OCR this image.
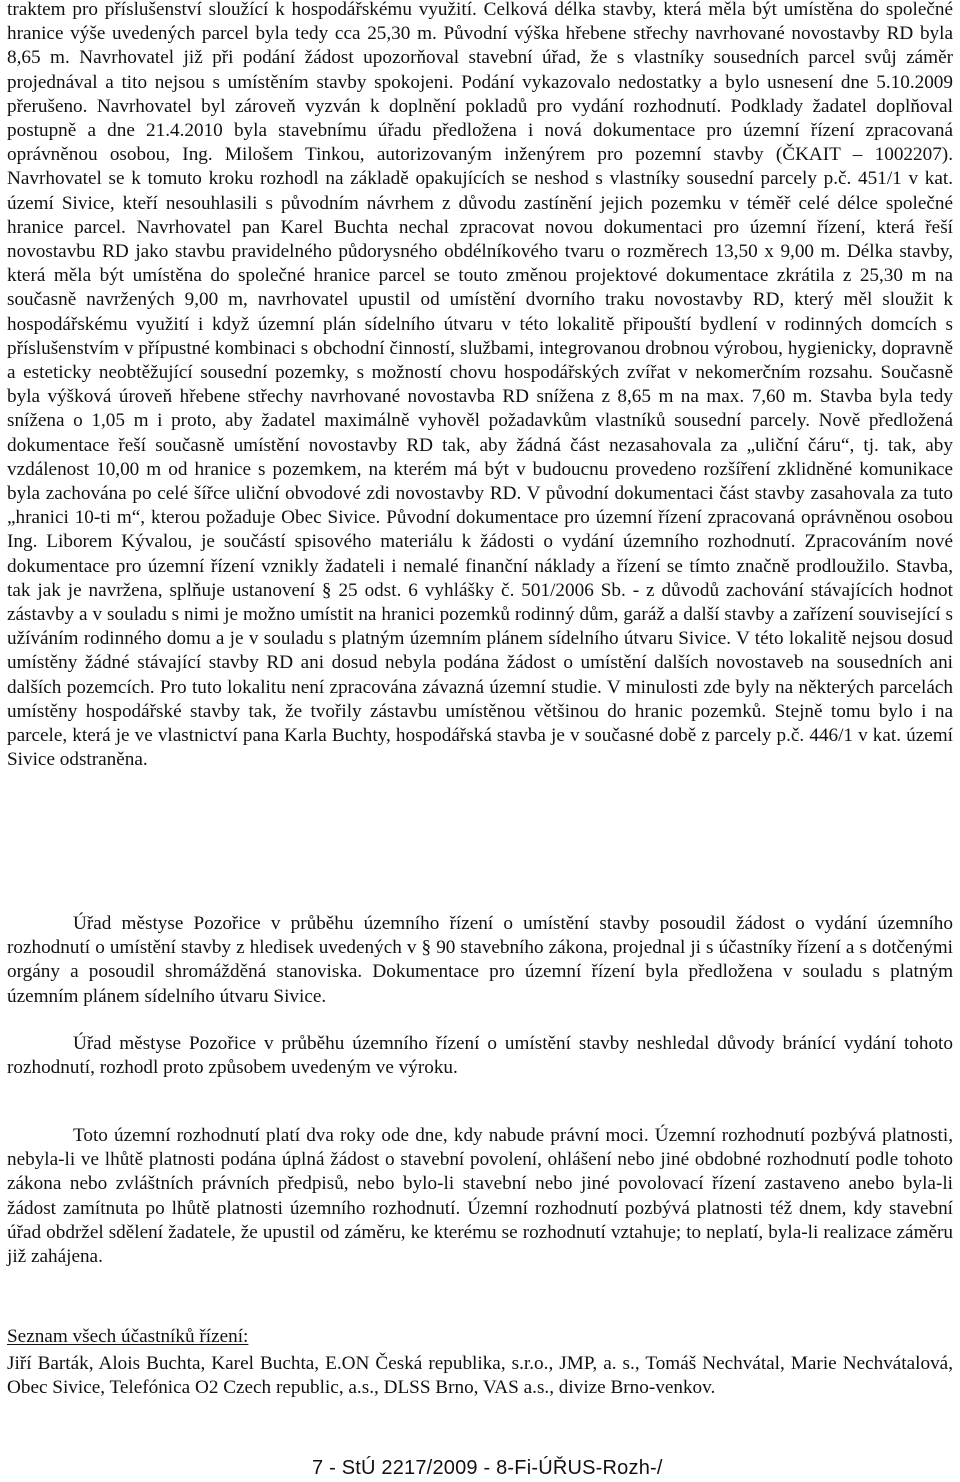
traktem pro příslušenství sloužící k hospodářskému využití. Celková délka stavby, která měla být umístěna do společné hranice výše uvedených parcel byla tedy cca 25,30 m. Původní výška hřebene střechy navrhované novostavby RD byla 8,65 m. Navrhovatel již při podání žádost upozorňoval stavební úřad, že s vlastníky sousedních parcel svůj záměr projednával a tito nejsou s umístěním stavby spokojeni. Podání vykazovalo nedostatky a bylo usnesení dne 5.10.2009 přerušeno. Navrhovatel byl zároveň vyzván k doplnění pokladů pro vydání rozhodnutí. Podklady žadatel doplňoval postupně a dne 21.4.2010 byla stavebnímu úřadu předložena i nová dokumentace pro územní řízení zpracovaná oprávněnou osobou, Ing. Milošem Tinkou, autorizovaným inženýrem pro pozemní stavby (ČKAIT – 1002207). Navrhovatel se k tomuto kroku rozhodl na základě opakujících se neshod s vlastníky sousední parcely p.č. 451/1 v kat. území Sivice, kteří nesouhlasili s původním návrhem z důvodu zastínění jejich pozemku v téměř celé délce společné hranice parcel. Navrhovatel pan Karel Buchta nechal zpracovat novou dokumentaci pro územní řízení, která řeší novostavbu RD jako stavbu pravidelného půdorysného obdélníkového tvaru o rozměrech 13,50 x 9,00 m. Délka stavby, která měla být umístěna do společné hranice parcel se touto změnou projektové dokumentace zkrátila z 25,30 m na současně navržených 9,00 m, navrhovatel upustil od umístění dvorního traku novostavby RD, který měl sloužit k hospodářskému využití i když územní plán sídelního útvaru v této lokalitě připouští bydlení v rodinných domcích s příslušenstvím v přípustné kombinaci s obchodní činností, službami, integrovanou drobnou výrobou, hygienicky, dopravně a esteticky neobtěžující sousední pozemky, s možností chovu hospodářských zvířat v nekomerčním rozsahu. Současně byla výšková úroveň hřebene střechy navrhované novostavba RD snížena z 8,65 m na max. 7,60 m. Stavba byla tedy snížena o 1,05 m i proto, aby žadatel maximálně vyhověl požadavkům vlastníků sousední parcely. Nově předložená dokumentace řeší současně umístění novostavby RD tak, aby žádná část nezasahovala za „uliční čáru“, tj. tak, aby vzdálenost 10,00 m od hranice s pozemkem, na kterém má být v budoucnu provedeno rozšíření zklidněné komunikace byla zachována po celé šířce uliční obvodové zdi novostavby RD. V původní dokumentaci část stavby zasahovala za tuto „hranici 10-ti m“, kterou požaduje Obec Sivice. Původní dokumentace pro územní řízení zpracovaná oprávněnou osobou Ing. Liborem Kývalou, je součástí spisového materiálu k žádosti o vydání územního rozhodnutí. Zpracováním nové dokumentace pro územní řízení vznikly žadateli i nemalé finanční náklady a řízení se tímto značně prodloužilo. Stavba, tak jak je navržena, splňuje ustanovení § 25 odst. 6 vyhlášky č. 501/2006 Sb. - z důvodů zachování stávajících hodnot zástavby a v souladu s nimi je možno umístit na hranici pozemků rodinný dům, garáž a další stavby a zařízení související s užíváním rodinného domu a je v souladu s platným územním plánem sídelního útvaru Sivice. V této lokalitě nejsou dosud umístěny žádné stávající stavby RD ani dosud nebyla podána žádost o umístění dalších novostaveb na sousedních ani dalších pozemcích. Pro tuto lokalitu není zpracována závazná územní studie. V minulosti zde byly na některých parcelách umístěny hospodářské stavby tak, že tvořily zástavbu umístěnou většinou do hranic pozemků. Stejně tomu bylo i na parcele, která je ve vlastnictví pana Karla Buchty, hospodářská stavba je v současné době z parcely p.č. 446/1 v kat. území Sivice odstraněna.

Úřad městyse Pozořice v průběhu územního řízení o umístění stavby posoudil žádost o vydání územního rozhodnutí o umístění stavby z hledisek uvedených v § 90 stavebního zákona, projednal ji s účastníky řízení a s dotčenými orgány a posoudil shromážděná stanoviska. Dokumentace pro územní řízení byla předložena v souladu s platným územním plánem sídelního útvaru Sivice.

Úřad městyse Pozořice v průběhu územního řízení o umístění stavby neshledal důvody bránící vydání tohoto rozhodnutí, rozhodl proto způsobem uvedeným ve výroku.

Toto územní rozhodnutí platí dva roky ode dne, kdy nabude právní moci. Územní rozhodnutí pozbývá platnosti, nebyla-li ve lhůtě platnosti podána úplná žádost o stavební povolení, ohlášení nebo jiné obdobné rozhodnutí podle tohoto zákona nebo zvláštních právních předpisů, nebo bylo-li stavební nebo jiné povolovací řízení zastaveno anebo byla-li žádost zamítnuta po lhůtě platnosti územního rozhodnutí. Územní rozhodnutí pozbývá platnosti též dnem, kdy stavební úřad obdržel sdělení žadatele, že upustil od záměru, ke kterému se rozhodnutí vztahuje; to neplatí, byla-li realizace záměru již zahájena.

Seznam všech účastníků řízení:

Jiří Barták, Alois Buchta, Karel Buchta, E.ON Česká republika, s.r.o., JMP, a. s., Tomáš Nechvátal, Marie Nechvátalová, Obec Sivice, Telefónica O2 Czech republic, a.s., DLSS Brno, VAS a.s., divize Brno-venkov.

7 - StÚ 2217/2009 - 8-Fi-ÚŘUS-Rozh-/
